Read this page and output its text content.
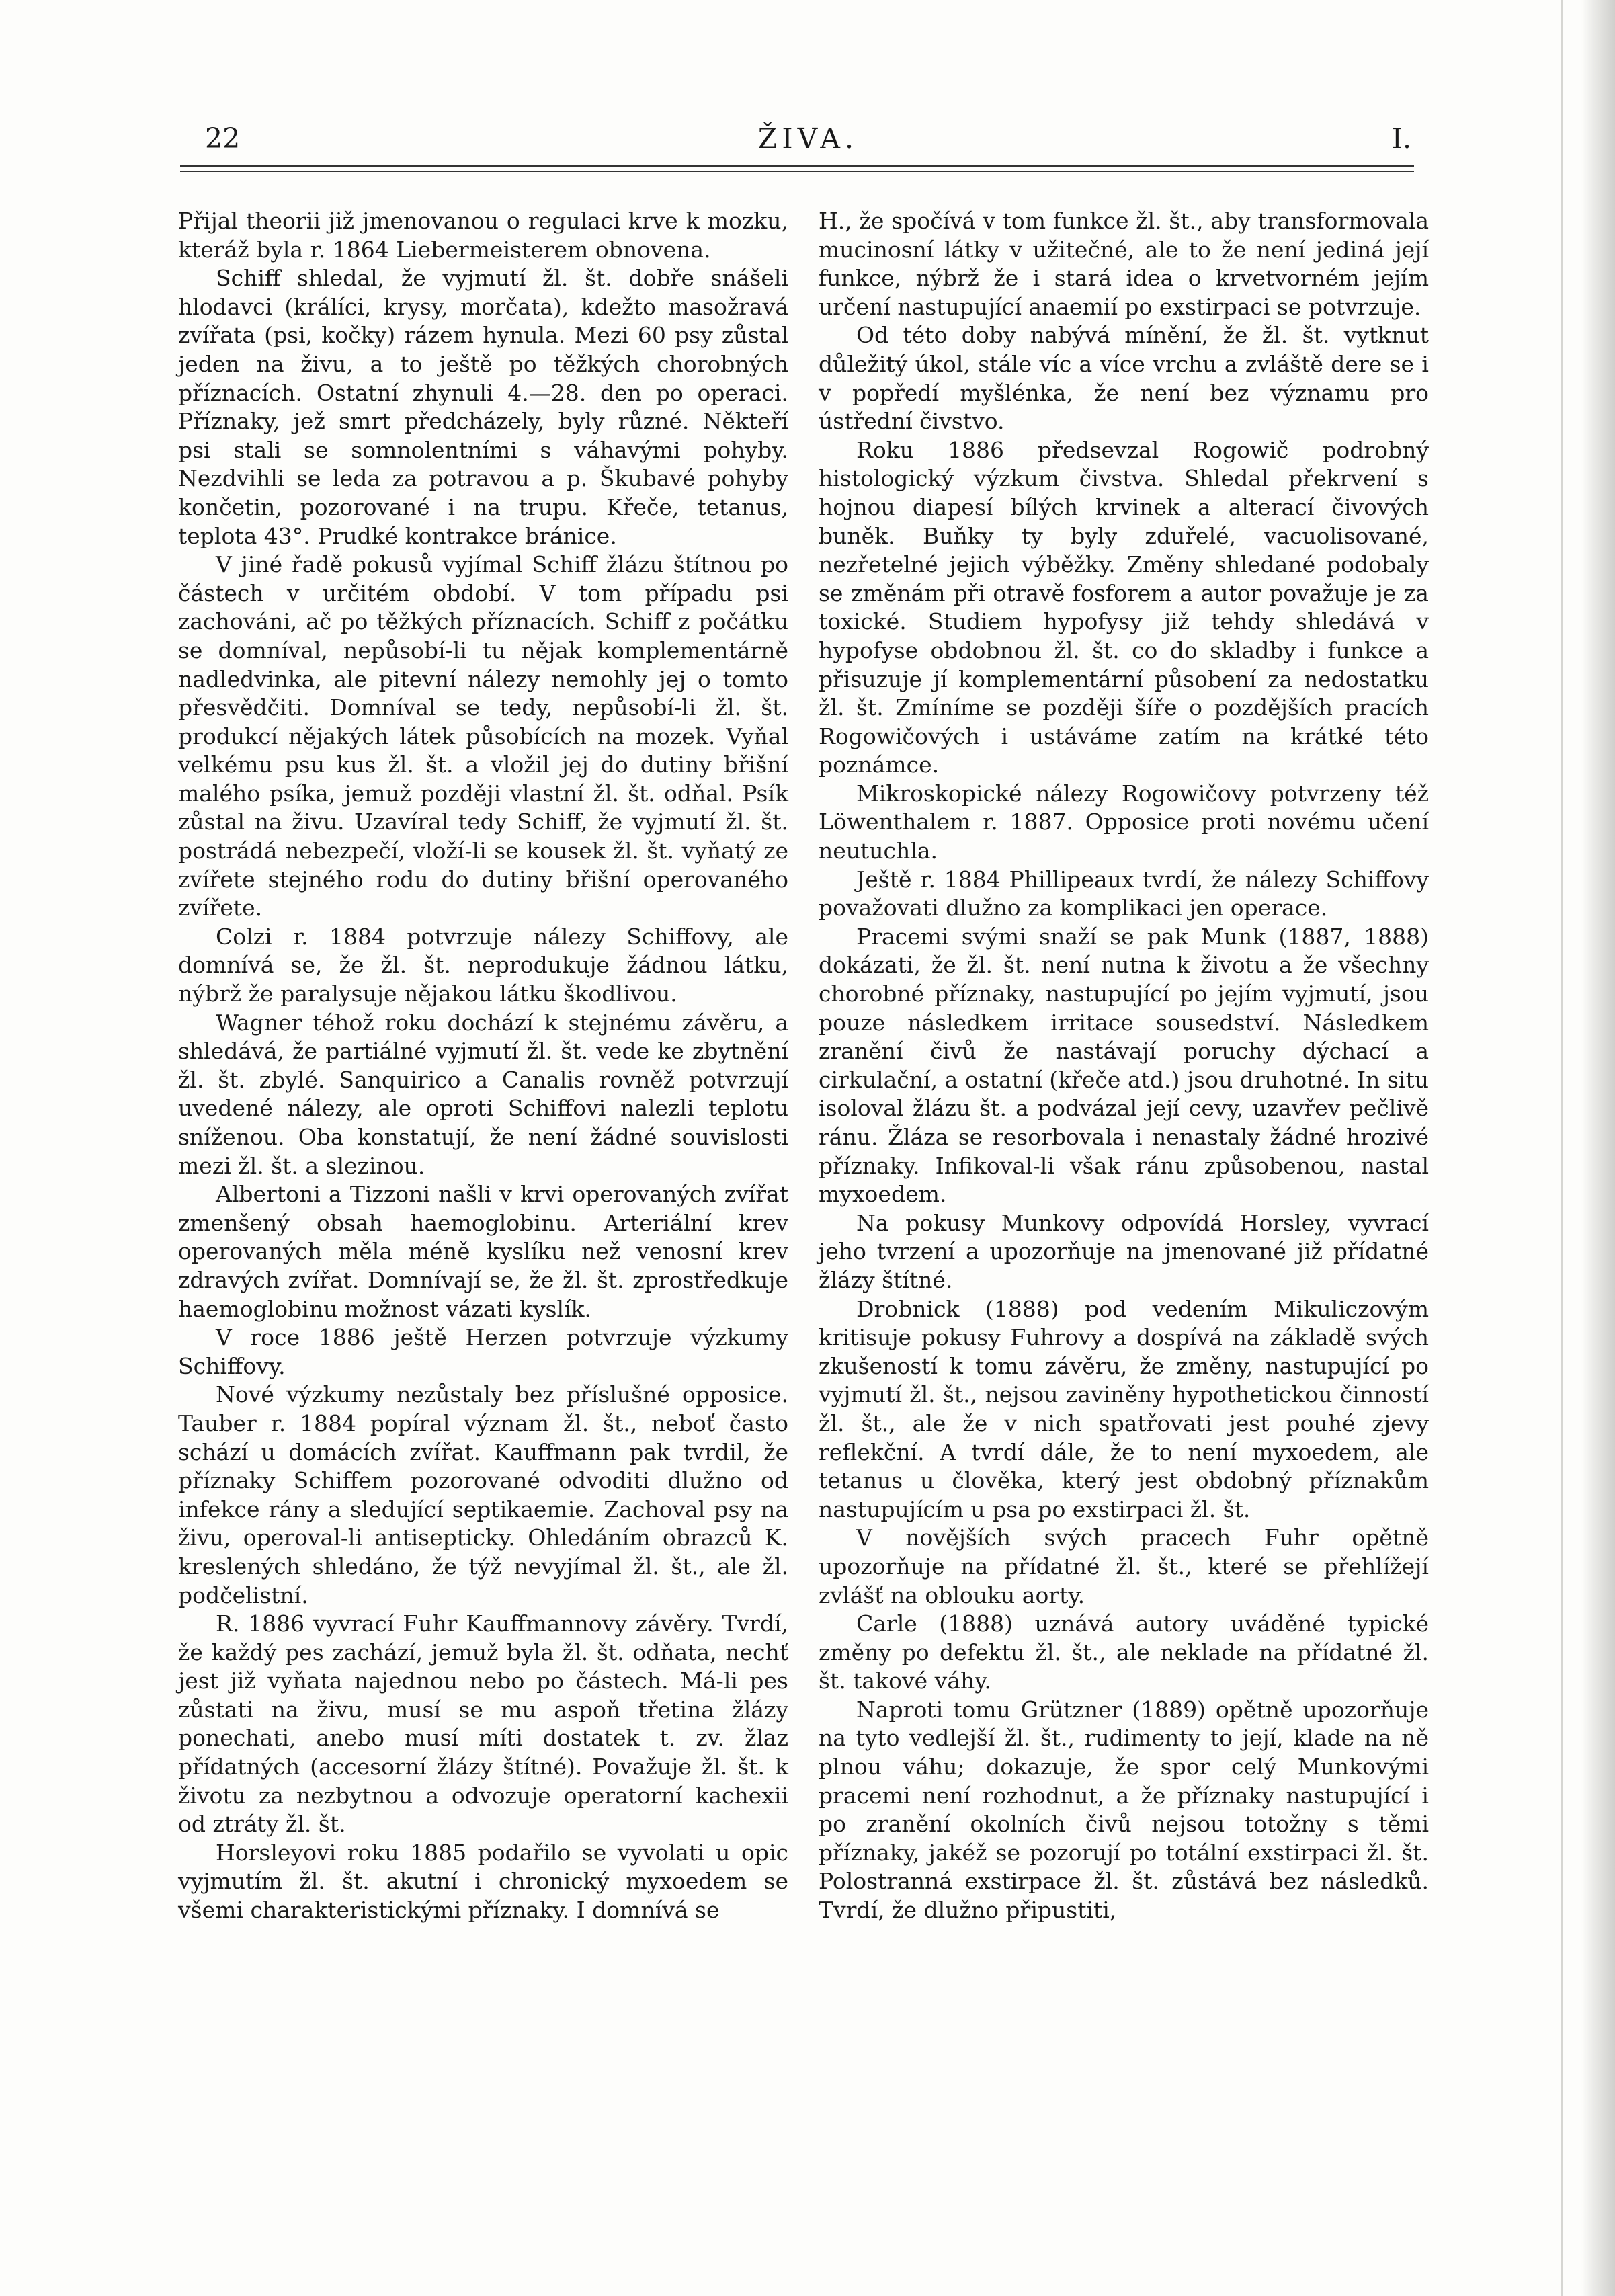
22	ŽIVA.	I.

Přijal theorii již jmenovanou o regulaci krve k mozku, kteráž byla r. 1864 Liebermeisterem obnovena.

Schiff shledal, že vyjmutí žl. št. dobře snášeli hlodavci (králíci, krysy, morčata), kdežto masožravá zvířata (psi, kočky) rázem hynula. Mezi 60 psy zůstal jeden na živu, a to ještě po těžkých chorobných příznacích. Ostatní zhynuli 4.—28. den po operaci. Příznaky, jež smrt předcházely, byly různé. Někteří psi stali se somnolentními s váhavými pohyby. Nezdvihli se leda za potravou a p. Škubavé pohyby končetin, pozorované i na trupu. Křeče, tetanus, teplota 43°. Prudké kontrakce bránice.

V jiné řadě pokusů vyjímal Schiff žlázu štítnou po částech v určitém období. V tom případu psi zachováni, ač po těžkých příznacích. Schiff z počátku se domníval, nepůsobí-li tu nějak komplementárně nadledvinka, ale pitevní nálezy nemohly jej o tomto přesvědčiti. Domníval se tedy, nepůsobí-li žl. št. produkcí nějakých látek působících na mozek. Vyňal velkému psu kus žl. št. a vložil jej do dutiny břišní malého psíka, jemuž později vlastní žl. št. odňal. Psík zůstal na živu. Uzavíral tedy Schiff, že vyjmutí žl. št. postrádá nebezpečí, vloží-li se kousek žl. št. vyňatý ze zvířete stejného rodu do dutiny břišní operovaného zvířete.

Colzi r. 1884 potvrzuje nálezy Schiffovy, ale domnívá se, že žl. št. neprodukuje žádnou látku, nýbrž že paralysuje nějakou látku škodlivou.

Wagner téhož roku dochází k stejnému závěru, a shledává, že partiálné vyjmutí žl. št. vede ke zbytnění žl. št. zbylé. Sanquirico a Canalis rovněž potvrzují uvedené nálezy, ale oproti Schiffovi nalezli teplotu sníženou. Oba konstatují, že není žádné souvislosti mezi žl. št. a slezinou.

Albertoni a Tizzoni našli v krvi operovaných zvířat zmenšený obsah haemoglobinu. Arteriální krev operovaných měla méně kyslíku než venosní krev zdravých zvířat. Domnívají se, že žl. št. zprostředkuje haemoglobinu možnost vázati kyslík.

V roce 1886 ještě Herzen potvrzuje výzkumy Schiffovy.

Nové výzkumy nezůstaly bez příslušné opposice. Tauber r. 1884 popíral význam žl. št., neboť často schází u domácích zvířat. Kauffmann pak tvrdil, že příznaky Schiffem pozorované odvoditi dlužno od infekce rány a sledující septikaemie. Zachoval psy na živu, operoval-li antisepticky. Ohledáním obrazců K. kreslených shledáno, že týž nevyjímal žl. št., ale žl. podčelistní.

R. 1886 vyvrací Fuhr Kauffmannovy závěry. Tvrdí, že každý pes zachází, jemuž byla žl. št. odňata, nechť jest již vyňata najednou nebo po částech. Má-li pes zůstati na živu, musí se mu aspoň třetina žlázy ponechati, anebo musí míti dostatek t. zv. žlaz přídatných (accesorní žlázy štítné). Považuje žl. št. k životu za nezbytnou a odvozuje operatorní kachexii od ztráty žl. št.

Horsleyovi roku 1885 podařilo se vyvolati u opic vyjmutím žl. št. akutní i chronický myxoedem se všemi charakteristickými příznaky. I domnívá se

H., že spočívá v tom funkce žl. št., aby transformovala mucinosní látky v užitečné, ale to že není jediná její funkce, nýbrž že i stará idea o krvetvorném jejím určení nastupující anaemií po exstirpaci se potvrzuje.

Od této doby nabývá mínění, že žl. št. vytknut důležitý úkol, stále víc a více vrchu a zvláště dere se i v popředí myšlénka, že není bez významu pro ústřední čivstvo.

Roku 1886 předsevzal Rogowič podrobný histologický výzkum čivstva. Shledal překrvení s hojnou diapesí bílých krvinek a alterací čivových buněk. Buňky ty byly zduřelé, vacuolisované, nezřetelné jejich výběžky. Změny shledané podobaly se změnám při otravě fosforem a autor považuje je za toxické. Studiem hypofysy již tehdy shledává v hypofyse obdobnou žl. št. co do skladby i funkce a přisuzuje jí komplementární působení za nedostatku žl. št. Zmíníme se později šíře o pozdějších pracích Rogowičových i ustáváme zatím na krátké této poznámce.

Mikroskopické nálezy Rogowičovy potvrzeny též Löwenthalem r. 1887. Opposice proti novému učení neutuchla.

Ještě r. 1884 Phillipeaux tvrdí, že nálezy Schiffovy považovati dlužno za komplikaci jen operace.

Pracemi svými snaží se pak Munk (1887, 1888) dokázati, že žl. št. není nutna k životu a že všechny chorobné příznaky, nastupující po jejím vyjmutí, jsou pouze následkem irritace sousedství. Následkem zranění čivů že nastávají poruchy dýchací a cirkulační, a ostatní (křeče atd.) jsou druhotné. In situ isoloval žlázu št. a podvázal její cevy, uzavřev pečlivě ránu. Žláza se resorbovala i nenastaly žádné hrozivé příznaky. Infikoval-li však ránu způsobenou, nastal myxoedem.

Na pokusy Munkovy odpovídá Horsley, vyvrací jeho tvrzení a upozorňuje na jmenované již přídatné žlázy štítné.

Drobnick (1888) pod vedením Mikuliczovým kritisuje pokusy Fuhrovy a dospívá na základě svých zkušeností k tomu závěru, že změny, nastupující po vyjmutí žl. št., nejsou zaviněny hypothetickou činností žl. št., ale že v nich spatřovati jest pouhé zjevy reflekční. A tvrdí dále, že to není myxoedem, ale tetanus u člověka, který jest obdobný příznakům nastupujícím u psa po exstirpaci žl. št.

V novějších svých pracech Fuhr opětně upozorňuje na přídatné žl. št., které se přehlížejí zvlášť na oblouku aorty.

Carle (1888) uznává autory uváděné typické změny po defektu žl. št., ale neklade na přídatné žl. št. takové váhy.

Naproti tomu Grützner (1889) opětně upozorňuje na tyto vedlejší žl. št., rudimenty to její, klade na ně plnou váhu; dokazuje, že spor celý Munkovými pracemi není rozhodnut, a že příznaky nastupující i po zranění okolních čivů nejsou totožny s těmi příznaky, jakéž se pozorují po totální exstirpaci žl. št. Polostranná exstirpace žl. št. zůstává bez následků. Tvrdí, že dlužno připustiti,
